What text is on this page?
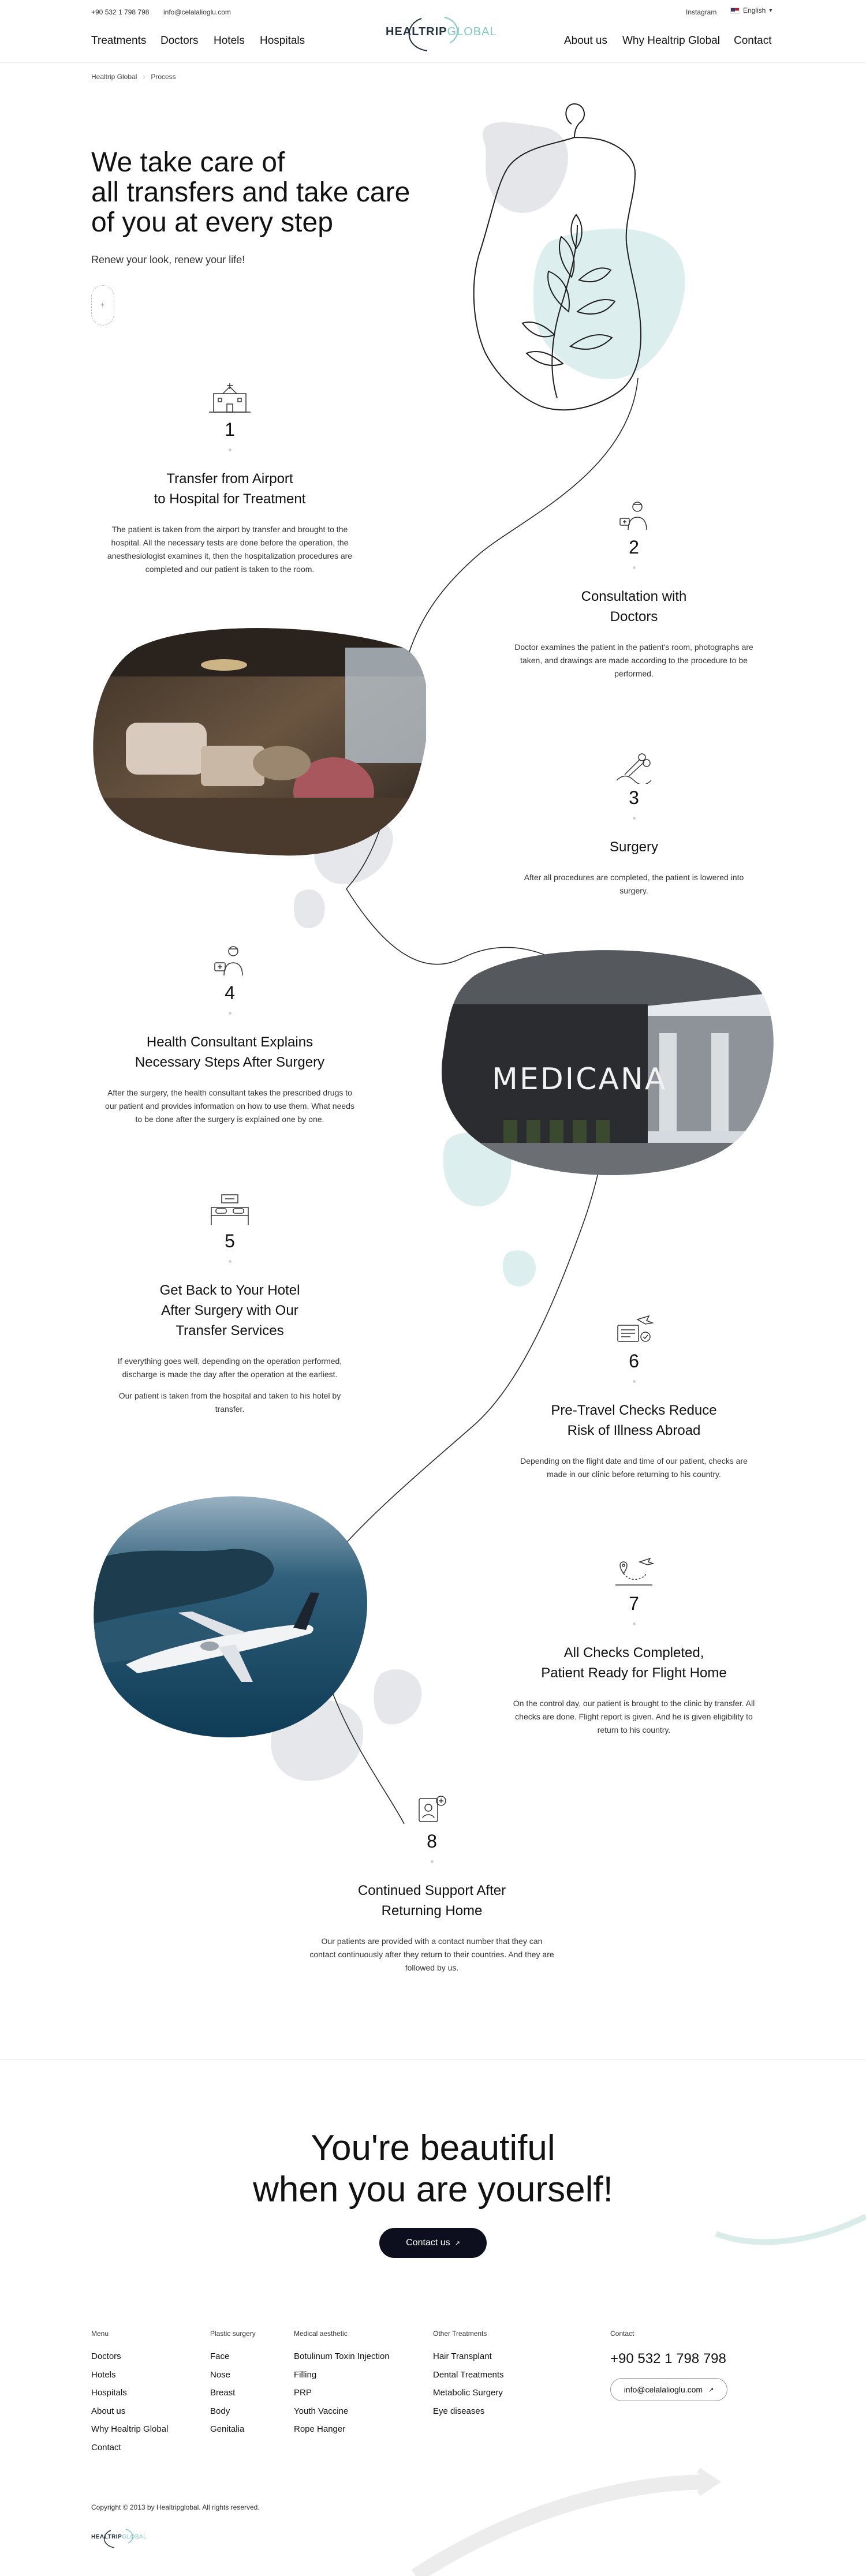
+90 532 1 798 798 info@celalalioglu.com	Instagram	English ▾
Treatments Doctors Hotels Hospitals
HEALTRIPGLOBAL
About us Why Healtrip Global Contact
Healtrip Global › Process
We take care of
all transfers and take care
of you at every step

Renew your look, renew your life!

+
1
Transfer from Airport
to Hospital for Treatment
The patient is taken from the airport by transfer and brought to the
hospital. All the necessary tests are done before the operation, the
anesthesiologist examines it, then the hospitalization procedures are
completed and our patient is taken to the room.
2
Consultation with
Doctors
Doctor examines the patient in the patient's room, photographs are
taken, and drawings are made according to the procedure to be
performed.
3
Surgery
After all procedures are completed, the patient is lowered into
surgery.
4
Health Consultant Explains
Necessary Steps After Surgery
After the surgery, the health consultant takes the prescribed drugs to
our patient and provides information on how to use them. What needs
to be done after the surgery is explained one by one.
MEDICANA
5
Get Back to Your Hotel
After Surgery with Our
Transfer Services
If everything goes well, depending on the operation performed,
discharge is made the day after the operation at the earliest.
Our patient is taken from the hospital and taken to his hotel by
transfer.
6
Pre-Travel Checks Reduce
Risk of Illness Abroad
Depending on the flight date and time of our patient, checks are
made in our clinic before returning to his country.
7
All Checks Completed,
Patient Ready for Flight Home
On the control day, our patient is brought to the clinic by transfer. All
checks are done. Flight report is given. And he is given eligibility to
return to his country.
8
Continued Support After
Returning Home
Our patients are provided with a contact number that they can
contact continuously after they return to their countries. And they are
followed by us.
You're beautiful
when you are yourself!
Contact us ↗
Menu
Doctors
Hotels
Hospitals
About us
Why Healtrip Global
Contact
Plastic surgery
Face
Nose
Breast
Body
Genitalia
Medical aesthetic
Botulinum Toxin Injection
Filling
PRP
Youth Vaccine
Rope Hanger
Other Treatments
Hair Transplant
Dental Treatments
Metabolic Surgery
Eye diseases
Contact
+90 532 1 798 798
info@celalalioglu.com ↗
Copyright © 2013 by Healtripglobal. All rights reserved.
HEALTRIPGLOBAL
